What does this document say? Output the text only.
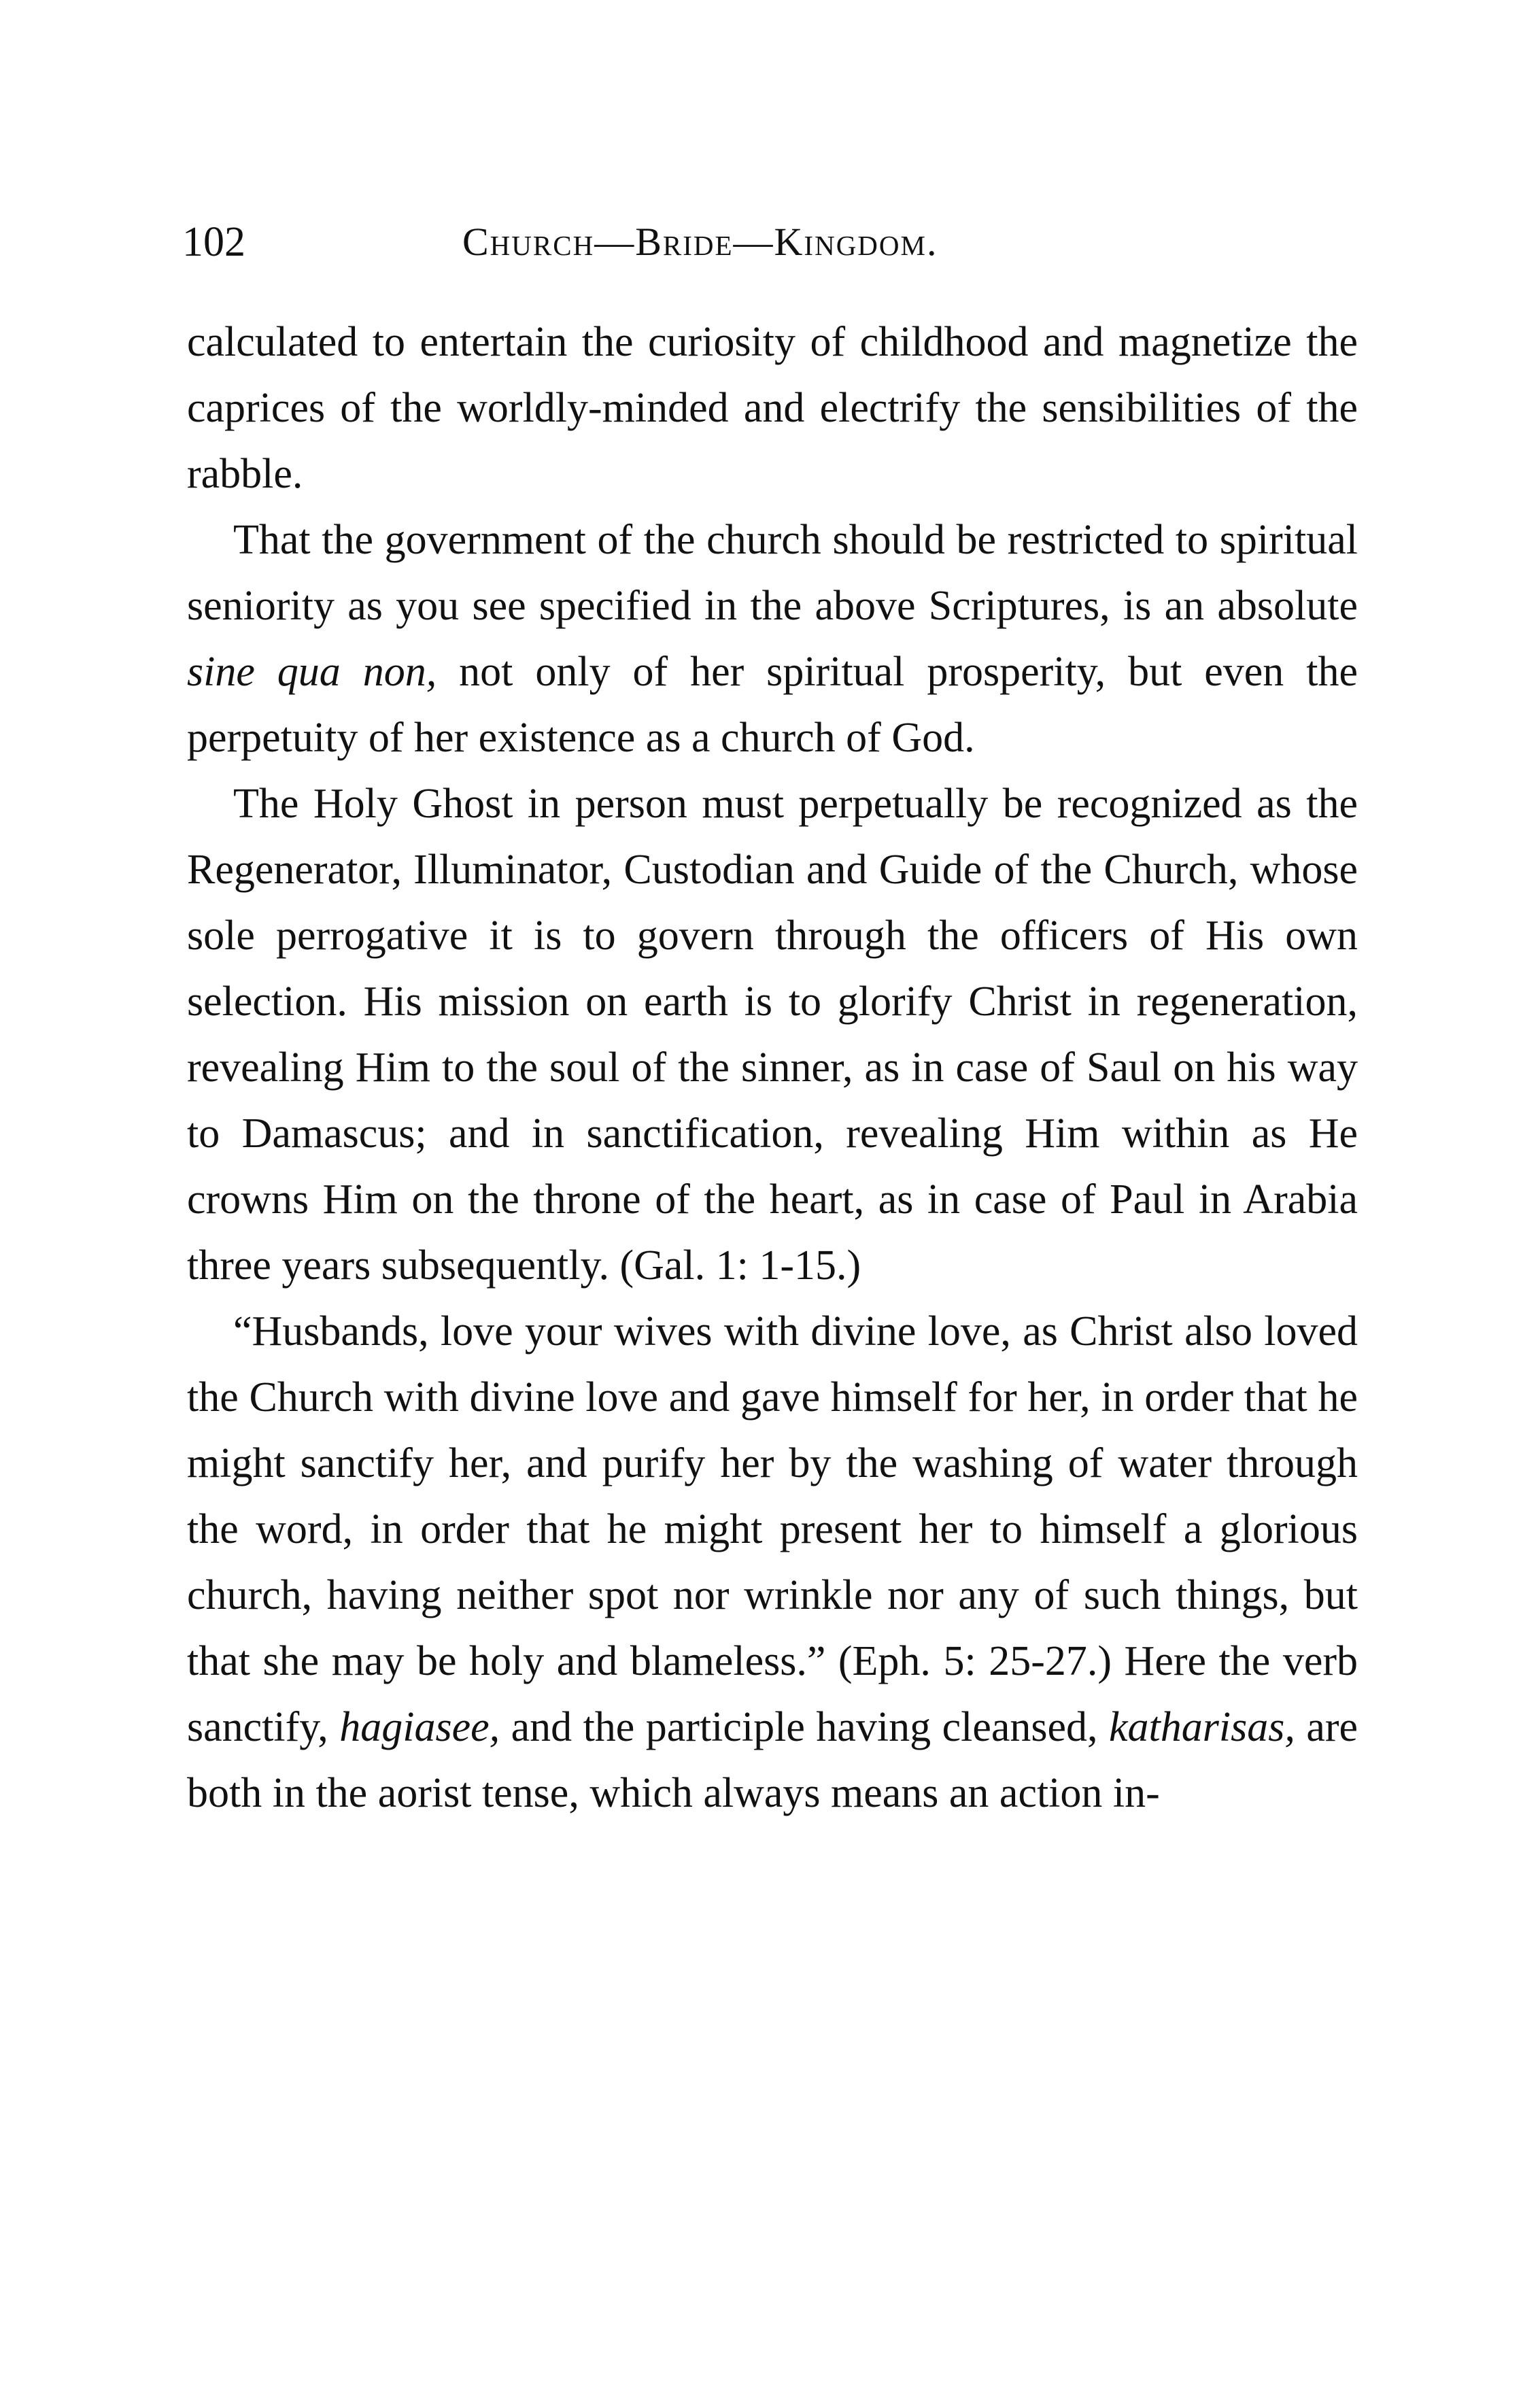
102	Church—Bride—Kingdom.

calculated to entertain the curiosity of childhood and magnetize the caprices of the worldly-minded and electrify the sensibilities of the rabble.

That the government of the church should be restricted to spiritual seniority as you see specified in the above Scriptures, is an absolute sine qua non, not only of her spiritual prosperity, but even the perpetuity of her existence as a church of God.

The Holy Ghost in person must perpetually be recognized as the Regenerator, Illuminator, Custodian and Guide of the Church, whose sole perrogative it is to govern through the officers of His own selection. His mission on earth is to glorify Christ in regeneration, revealing Him to the soul of the sinner, as in case of Saul on his way to Damascus; and in sanctification, revealing Him within as He crowns Him on the throne of the heart, as in case of Paul in Arabia three years subsequently. (Gal. 1: 1-15.)

“Husbands, love your wives with divine love, as Christ also loved the Church with divine love and gave himself for her, in order that he might sanctify her, and purify her by the washing of water through the word, in order that he might present her to himself a glorious church, having neither spot nor wrinkle nor any of such things, but that she may be holy and blameless.” (Eph. 5: 25-27.) Here the verb sanctify, hagiasee, and the participle having cleansed, katharisas, are both in the aorist tense, which always means an action in-
